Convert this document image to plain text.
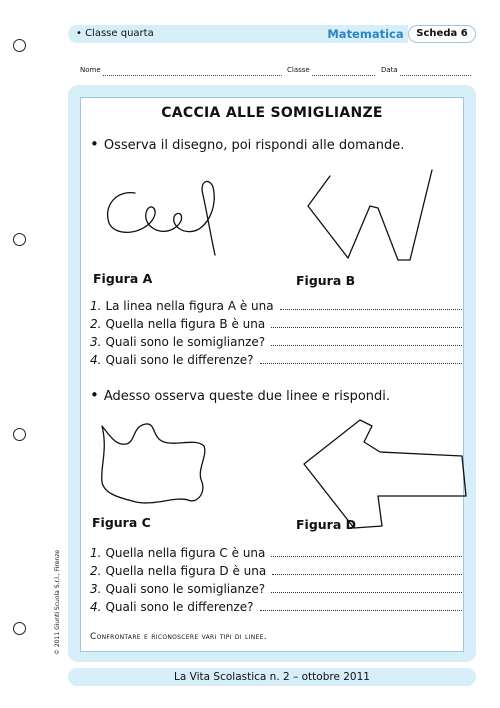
• Classe quarta	Matematica	Scheda 6
Nome	Classe	Data
CACCIA ALLE SOMIGLIANZE
• Osserva il disegno, poi rispondi alle domande.
Figura A	Figura B
1. La linea nella figura A è una
2. Quella nella figura B è una
3. Quali sono le somiglianze?
4. Quali sono le differenze?
• Adesso osserva queste due linee e rispondi.
Figura C	Figura D
1. Quella nella figura C è una
2. Quella nella figura D è una
3. Quali sono le somiglianze?
4. Quali sono le differenze?
Confrontare e riconoscere vari tipi di linee.
La Vita Scolastica n. 2 – ottobre 2011
© 2011 Giunti Scuola S.r.l., Firenze
